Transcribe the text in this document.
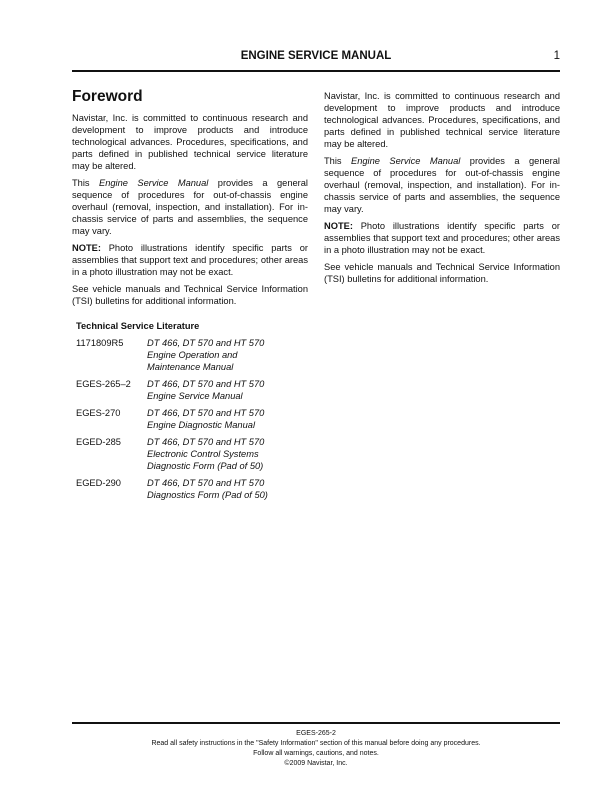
ENGINE SERVICE MANUAL	1
Foreword

Navistar, Inc. is committed to continuous research and development to improve products and introduce technological advances. Procedures, specifications, and parts defined in published technical service literature may be altered.

This Engine Service Manual provides a general sequence of procedures for out-of-chassis engine overhaul (removal, inspection, and installation). For in-chassis service of parts and assemblies, the sequence may vary.

NOTE: Photo illustrations identify specific parts or assemblies that support text and procedures; other areas in a photo illustration may not be exact.

See vehicle manuals and Technical Service Information (TSI) bulletins for additional information.

Navistar, Inc. is committed to continuous research and development to improve products and introduce technological advances. Procedures, specifications, and parts defined in published technical service literature may be altered.

This Engine Service Manual provides a general sequence of procedures for out-of-chassis engine overhaul (removal, inspection, and installation). For in-chassis service of parts and assemblies, the sequence may vary.

NOTE: Photo illustrations identify specific parts or assemblies that support text and procedures; other areas in a photo illustration may not be exact.

See vehicle manuals and Technical Service Information (TSI) bulletins for additional information.

Technical Service Literature
1171809R5	DT 466, DT 570 and HT 570 Engine Operation and Maintenance Manual
EGES-265–2	DT 466, DT 570 and HT 570 Engine Service Manual
EGES-270	DT 466, DT 570 and HT 570 Engine Diagnostic Manual
EGED-285	DT 466, DT 570 and HT 570 Electronic Control Systems Diagnostic Form (Pad of 50)
EGED-290	DT 466, DT 570 and HT 570 Diagnostics Form (Pad of 50)
EGES-265-2
Read all safety instructions in the "Safety Information" section of this manual before doing any procedures.
Follow all warnings, cautions, and notes.
©2009 Navistar, Inc.
